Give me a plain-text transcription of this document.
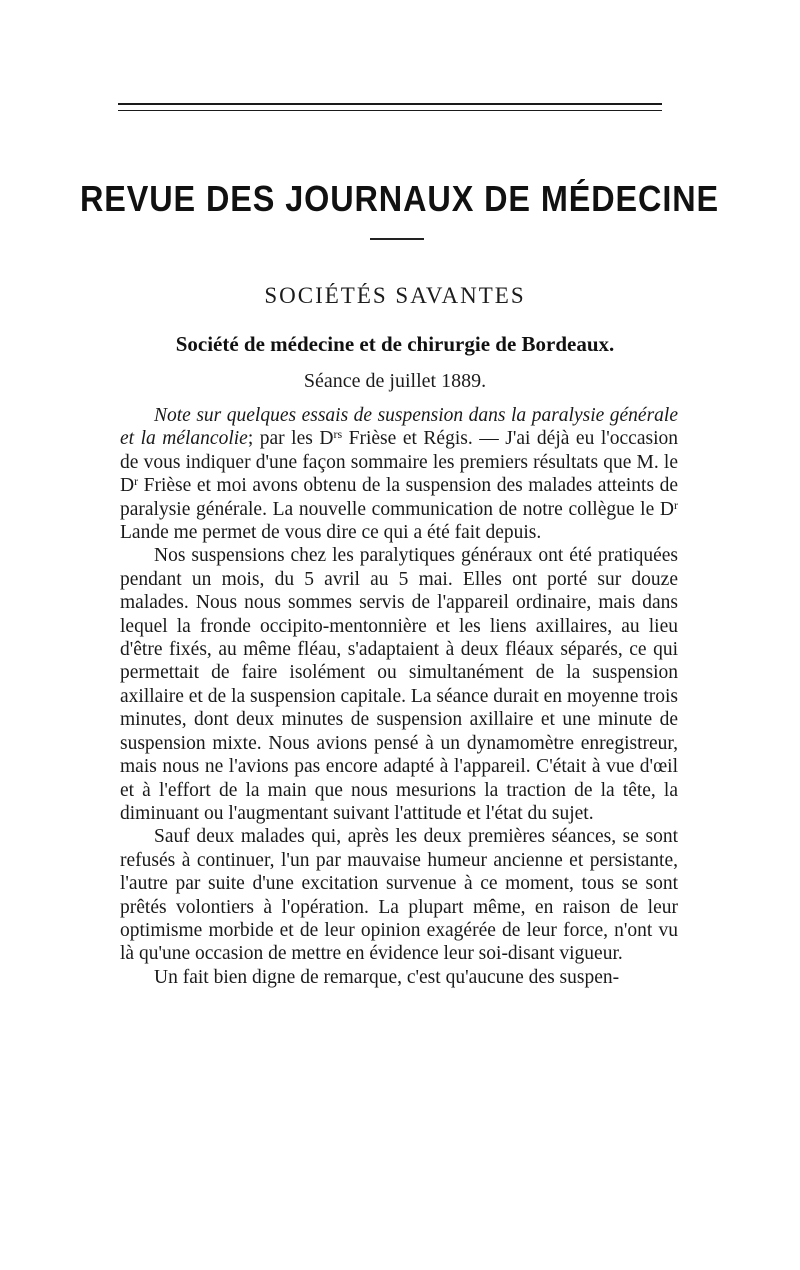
REVUE DES JOURNAUX DE MÉDECINE
SOCIÉTÉS SAVANTES
Société de médecine et de chirurgie de Bordeaux.
Séance de juillet 1889.

Note sur quelques essais de suspension dans la paralysie générale et la mélancolie; par les $D^{rs}$ Frièse et Régis. — J'ai déjà eu l'occasion de vous indiquer d'une façon sommaire les premiers résultats que M. le $D^r$ Frièse et moi avons obtenu de la suspension des malades atteints de paralysie générale. La nouvelle communication de notre collègue le $D^r$ Lande me permet de vous dire ce qui a été fait depuis.

Nos suspensions chez les paralytiques généraux ont été pratiquées pendant un mois, du 5 avril au 5 mai. Elles ont porté sur douze malades. Nous nous sommes servis de l'appareil ordinaire, mais dans lequel la fronde occipito-mentonnière et les liens axillaires, au lieu d'être fixés, au même fléau, s'adaptaient à deux fléaux séparés, ce qui permettait de faire isolément ou simultanément de la suspension axillaire et de la suspension capitale. La séance durait en moyenne trois minutes, dont deux minutes de suspension axillaire et une minute de suspension mixte. Nous avions pensé à un dynamomètre enregistreur, mais nous ne l'avions pas encore adapté à l'appareil. C'était à vue d'œil et à l'effort de la main que nous mesurions la traction de la tête, la diminuant ou l'augmentant suivant l'attitude et l'état du sujet.

Sauf deux malades qui, après les deux premières séances, se sont refusés à continuer, l'un par mauvaise humeur ancienne et persistante, l'autre par suite d'une excitation survenue à ce moment, tous se sont prêtés volontiers à l'opération. La plupart même, en raison de leur optimisme morbide et de leur opinion exagérée de leur force, n'ont vu là qu'une occasion de mettre en évidence leur soi-disant vigueur.

Un fait bien digne de remarque, c'est qu'aucune des suspen-
